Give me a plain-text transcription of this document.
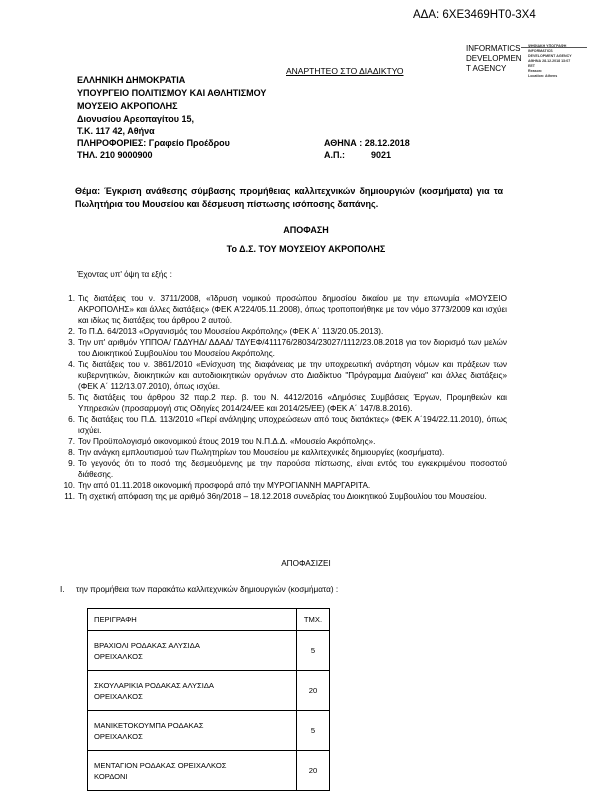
ΑΔΑ: 6ΧΕ3469ΗΤ0-3Χ4
INFORMATICS
DEVELOPMEN
T AGENCY
ΨΗΦΙΑΚΗ ΥΠΟΓΡΑΦΗ
INFORMATICS
DEVELOPMENT AGENCY
ΑΘΗΝΑ 28.12.2018 13:07
EET
Reason:
Location: Athens
ΑΝΑΡΤΗΤΕΟ ΣΤΟ ΔΙΑΔΙΚΤΥΟ
ΕΛΛΗΝΙΚΗ ΔΗΜΟΚΡΑΤΙΑ
ΥΠΟΥΡΓΕΙΟ ΠΟΛΙΤΙΣΜΟΥ ΚΑΙ ΑΘΛΗΤΙΣΜΟΥ
ΜΟΥΣΕΙΟ ΑΚΡΟΠΟΛΗΣ
Διονυσίου Αρεοπαγίτου 15,
Τ.Κ. 117 42, Αθήνα
ΠΛΗΡΟΦΟΡΙΕΣ: Γραφείο Προέδρου
ΤΗΛ. 210 9000900
ΑΘΗΝΑ : 28.12.2018
Α.Π.:	9021
Θέμα: Έγκριση ανάθεσης σύμβασης προμήθειας καλλιτεχνικών δημιουργιών (κοσμήματα) για τα Πωλητήρια του Μουσείου και δέσμευση πίστωσης ισόποσης δαπάνης.
ΑΠΟΦΑΣΗ
Το Δ.Σ. ΤΟΥ ΜΟΥΣΕΙΟΥ ΑΚΡΟΠΟΛΗΣ
Έχοντας υπ' όψη τα εξής :
1. Τις διατάξεις του ν. 3711/2008, «Ίδρυση νομικού προσώπου δημοσίου δικαίου με την επωνυμία «ΜΟΥΣΕΙΟ ΑΚΡΟΠΟΛΗΣ» και άλλες διατάξεις» (ΦΕΚ Α'224/05.11.2008), όπως τροποποιήθηκε με τον νόμο 3773/2009 και ισχύει και ιδίως τις διατάξεις του άρθρου 2 αυτού.
2. Το Π.Δ. 64/2013 «Οργανισμός του Μουσείου Ακρόπολης» (ΦΕΚ Α΄ 113/20.05.2013).
3. Την υπ' αριθμόν ΥΠΠΟΑ/ ΓΔΔΥΗΔ/ ΔΔΑΔ/ ΤΔΥΕΦ/411176/28034/23027/1112/23.08.2018 για τον διορισμό των μελών του Διοικητικού Συμβουλίου του Μουσείου Ακρόπολης.
4. Τις διατάξεις του ν. 3861/2010 «Ενίσχυση της διαφάνειας με την υποχρεωτική ανάρτηση νόμων και πράξεων των κυβερνητικών, διοικητικών και αυτοδιοικητικών οργάνων στο Διαδίκτυο "Πρόγραμμα Διαύγεια" και άλλες διατάξεις» (ΦΕΚ Α΄ 112/13.07.2010), όπως ισχύει.
5. Τις διατάξεις του άρθρου 32 παρ.2 περ. β. του Ν. 4412/2016 «Δημόσιες Συμβάσεις Έργων, Προμηθειών και Υπηρεσιών (προσαρμογή στις Οδηγίες 2014/24/ΕΕ και 2014/25/ΕΕ) (ΦΕΚ Α΄ 147/8.8.2016).
6. Τις διατάξεις του Π.Δ. 113/2010 «Περί ανάληψης υποχρεώσεων από τους διατάκτες» (ΦΕΚ Α΄194/22.11.2010), όπως ισχύει.
7. Τον Προϋπολογισμό οικονομικού έτους 2019 του Ν.Π.Δ.Δ. «Μουσείο Ακρόπολης».
8. Την ανάγκη εμπλουτισμού των Πωλητηρίων του Μουσείου με καλλιτεχνικές δημιουργίες (κοσμήματα).
9. Το γεγονός ότι το ποσό της δεσμευόμενης με την παρούσα πίστωσης, είναι εντός του εγκεκριμένου ποσοστού διάθεσης.
10. Την από 01.11.2018 οικονομική προσφορά από την ΜΥΡΟΓΙΑΝΝΗ ΜΑΡΓΑΡΙΤΑ.
11. Τη σχετική απόφαση της με αριθμό 36η/2018 – 18.12.2018 συνεδρίας του Διοικητικού Συμβουλίου του Μουσείου.
ΑΠΟΦΑΣΙΖΕΙ
I. την προμήθεια των παρακάτω καλλιτεχνικών δημιουργιών (κοσμήματα) :
ΠΕΡΙΓΡΑΦΗ	ΤΜΧ.

ΒΡΑΧΙΟΛΙ ΡΟΔΑΚΑΣ ΑΛΥΣΙΔΑ
ΟΡΕΙΧΑΛΚΟΣ	5

ΣΚΟΥΛΑΡΙΚΙΑ ΡΟΔΑΚΑΣ ΑΛΥΣΙΔΑ
ΟΡΕΙΧΑΛΚΟΣ	20

ΜΑΝΙΚΕΤΟΚΟΥΜΠΑ ΡΟΔΑΚΑΣ
ΟΡΕΙΧΑΛΚΟΣ	5

ΜΕΝΤΑΓΙΟΝ ΡΟΔΑΚΑΣ ΟΡΕΙΧΑΛΚΟΣ
ΚΟΡΔΟΝΙ	20
